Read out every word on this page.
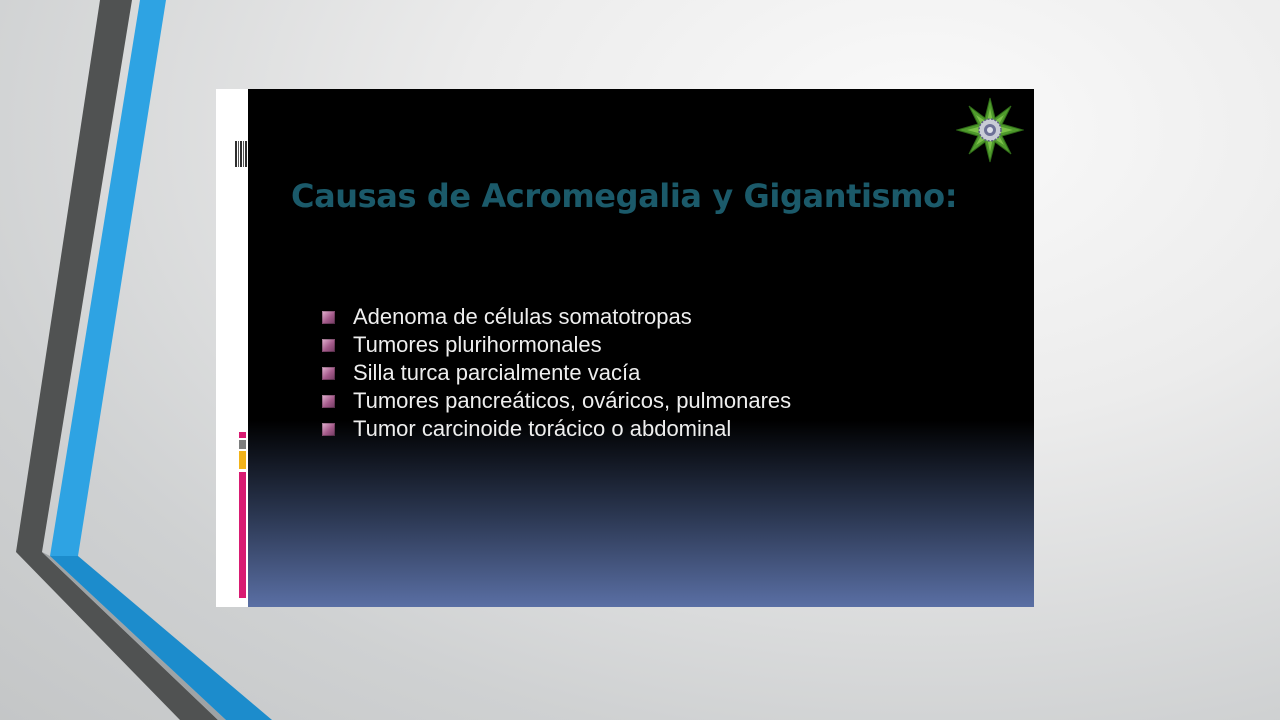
Causas de Acromegalia y Gigantismo:
Adenoma de células somatotropas
Tumores plurihormonales
Silla turca parcialmente vacía
Tumores pancreáticos, ováricos, pulmonares
Tumor carcinoide torácico o abdominal
